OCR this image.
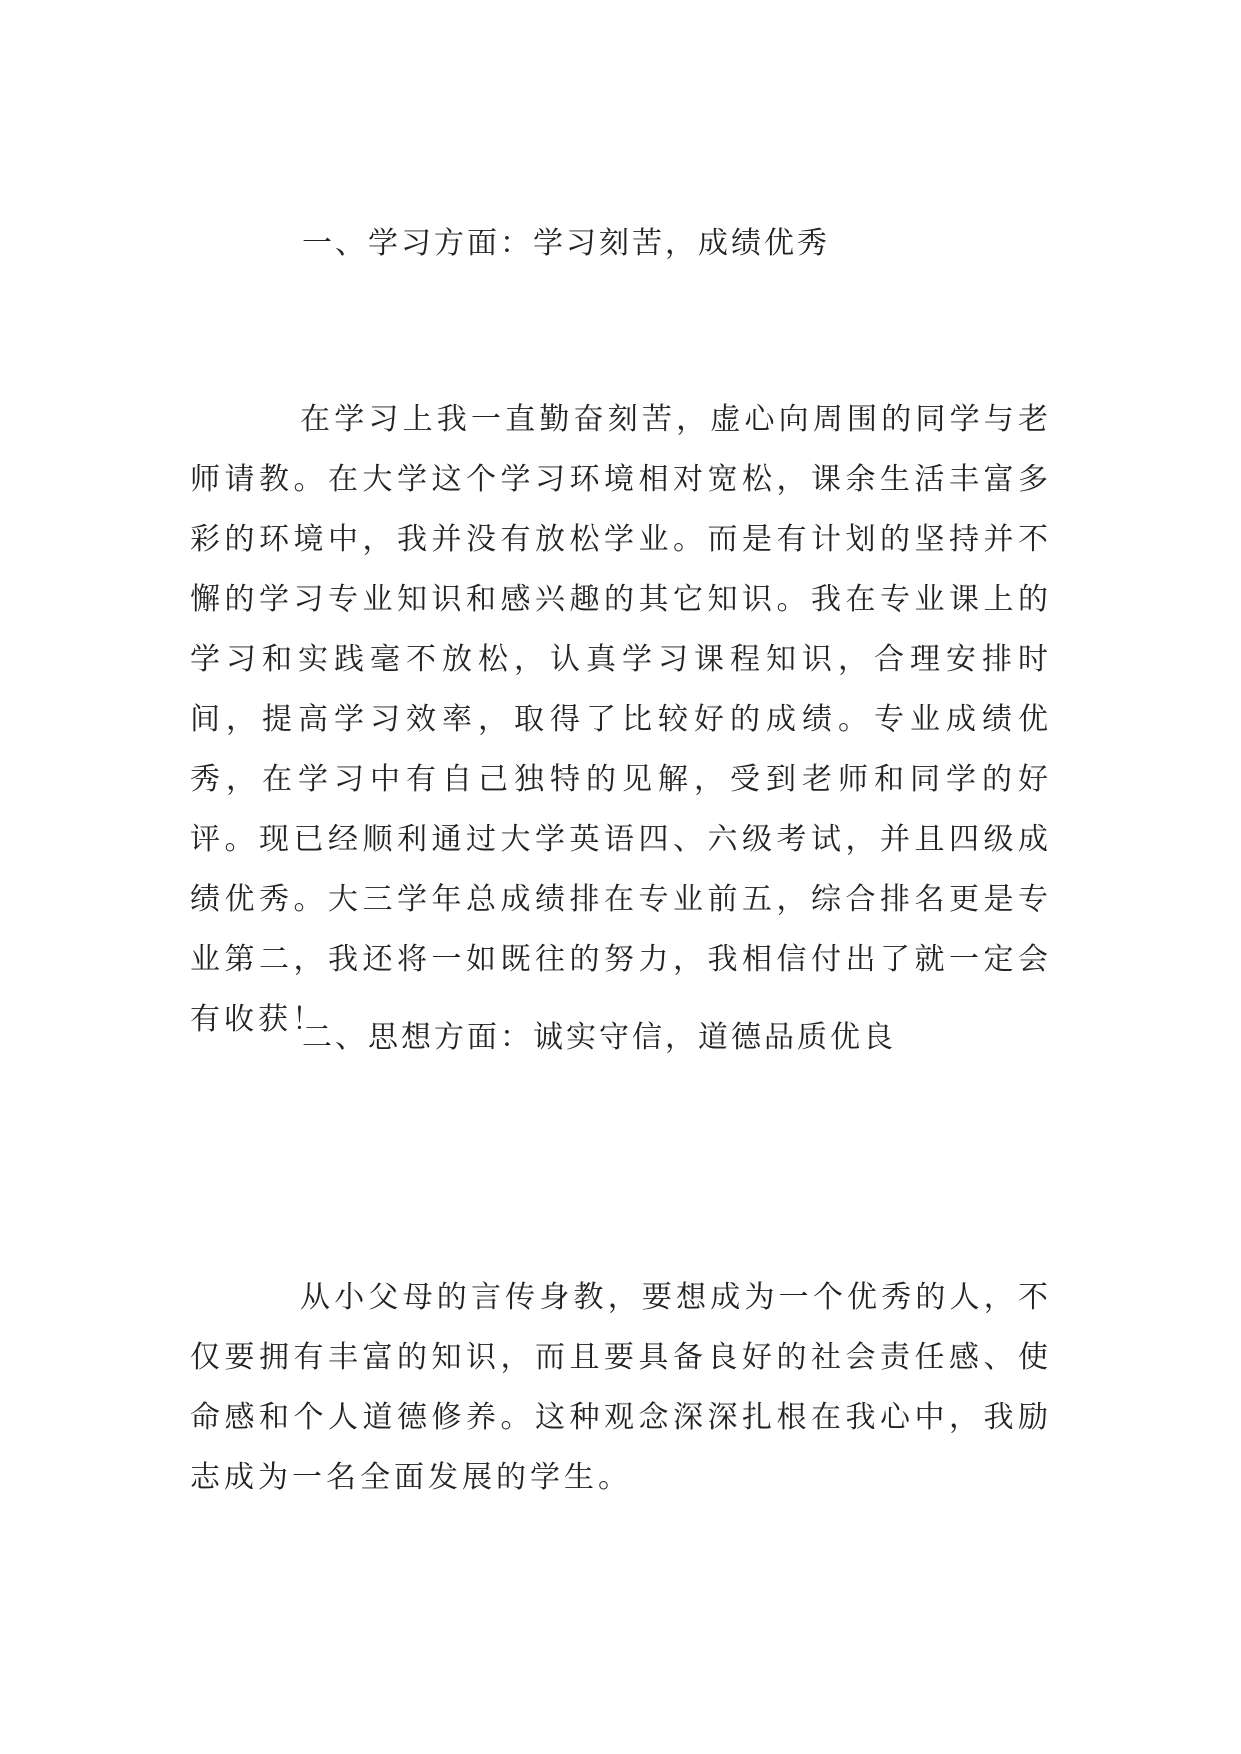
一、学习方面：学习刻苦，成绩优秀

在学习上我一直勤奋刻苦，虚心向周围的同学与老师请教。在大学这个学习环境相对宽松，课余生活丰富多彩的环境中，我并没有放松学业。而是有计划的坚持并不懈的学习专业知识和感兴趣的其它知识。我在专业课上的学习和实践毫不放松，认真学习课程知识，合理安排时间，提高学习效率，取得了比较好的成绩。专业成绩优秀，在学习中有自己独特的见解，受到老师和同学的好评。现已经顺利通过大学英语四、六级考试，并且四级成绩优秀。大三学年总成绩排在专业前五，综合排名更是专业第二，我还将一如既往的努力，我相信付出了就一定会有收获！

二、思想方面：诚实守信，道德品质优良

从小父母的言传身教，要想成为一个优秀的人，不仅要拥有丰富的知识，而且要具备良好的社会责任感、使命感和个人道德修养。这种观念深深扎根在我心中，我励志成为一名全面发展的学生。
